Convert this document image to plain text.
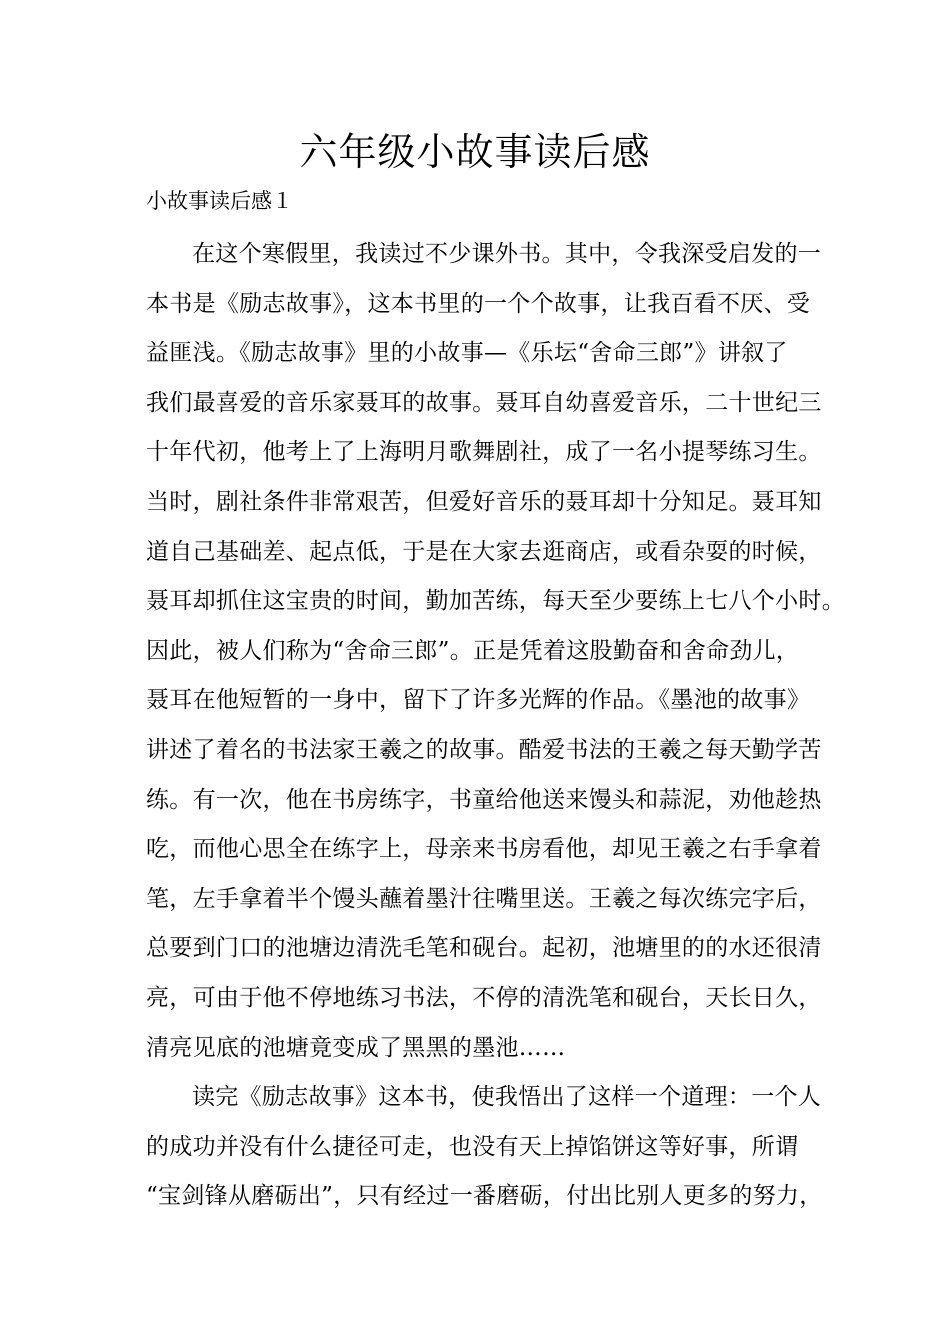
六年级小故事读后感
小故事读后感１
在这个寒假里，我读过不少课外书。其中，令我深受启发的一
本书是《励志故事》，这本书里的一个个故事，让我百看不厌、受
益匪浅。《励志故事》里的小故事—《乐坛“舍命三郎”》讲叙了
我们最喜爱的音乐家聂耳的故事。聂耳自幼喜爱音乐，二十世纪三
十年代初，他考上了上海明月歌舞剧社，成了一名小提琴练习生。
当时，剧社条件非常艰苦，但爱好音乐的聂耳却十分知足。聂耳知
道自己基础差、起点低，于是在大家去逛商店，或看杂耍的时候，
聂耳却抓住这宝贵的时间，勤加苦练，每天至少要练上七八个小时。
因此，被人们称为“舍命三郎”。正是凭着这股勤奋和舍命劲儿，
聂耳在他短暂的一身中，留下了许多光辉的作品。《墨池的故事》
讲述了着名的书法家王羲之的故事。酷爱书法的王羲之每天勤学苦
练。有一次，他在书房练字，书童给他送来馒头和蒜泥，劝他趁热
吃，而他心思全在练字上，母亲来书房看他，却见王羲之右手拿着
笔，左手拿着半个馒头蘸着墨汁往嘴里送。王羲之每次练完字后，
总要到门口的池塘边清洗毛笔和砚台。起初，池塘里的的水还很清
亮，可由于他不停地练习书法，不停的清洗笔和砚台，天长日久，
清亮见底的池塘竟变成了黑黑的墨池……
读完《励志故事》这本书，使我悟出了这样一个道理：一个人
的成功并没有什么捷径可走，也没有天上掉馅饼这等好事，所谓
“宝剑锋从磨砺出”，只有经过一番磨砺，付出比别人更多的努力，
